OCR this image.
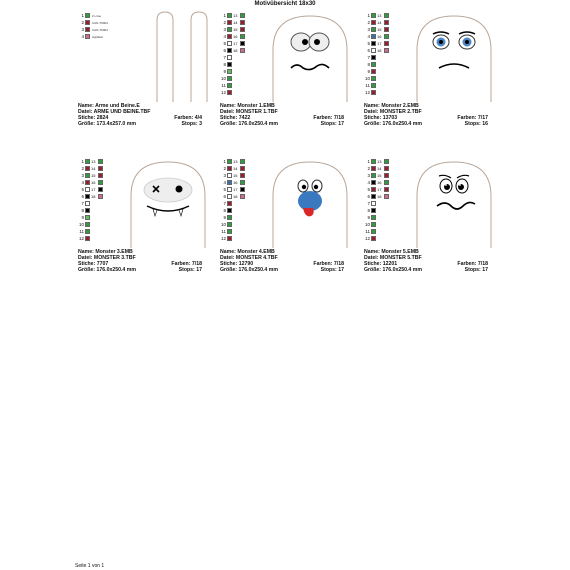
Motivübersicht 18x30
1	2 Lime
2	CAN-T0004
3	CAN-T0004
4	Applikat
Name: Arme und Beine.E
Datei: ARME UND BEINE.TBF
Stiche: 2824	Farben: 4/4
Größe: 173.4x257.0 mm	Stops: 3
1 13
2 14
3 15
4 16
5 17
6 18
7
8
9
10
11
12
Name: Monster 1.EMB
Datei: MONSTER 1.TBF
Stiche: 7422	Farben: 7/18
Größe: 176.0x250.4 mm	Stops: 17
1 13
2 14
3 15
4 16
5 17
6 18
7
8
9
10
11
12
Name: Monster 2.EMB
Datei: MONSTER 2.TBF
Stiche: 13703	Farben: 7/17
Größe: 176.0x250.4 mm	Stops: 16
1 13
2 14
3 15
4 16
5 17
6 18
7
8
9
10
11
12
Name: Monster 3.EMB
Datei: MONSTER 3.TBF
Stiche: 7707	Farben: 7/18
Größe: 176.0x250.4 mm	Stops: 17
1 13
2 14
3 15
4 16
5 17
6 18
7
8
9
10
11
12
Name: Monster 4.EMB
Datei: MONSTER 4.TBF
Stiche: 12790	Farben: 7/18
Größe: 176.0x250.4 mm	Stops: 17
1 13
2 14
3 15
4 16
5 17
6 18
7
8
9
10
11
12
Name: Monster 5.EMB
Datei: MONSTER 5.TBF
Stiche: 12201	Farben: 7/18
Größe: 176.0x250.4 mm	Stops: 17
Seite 1 von 1
